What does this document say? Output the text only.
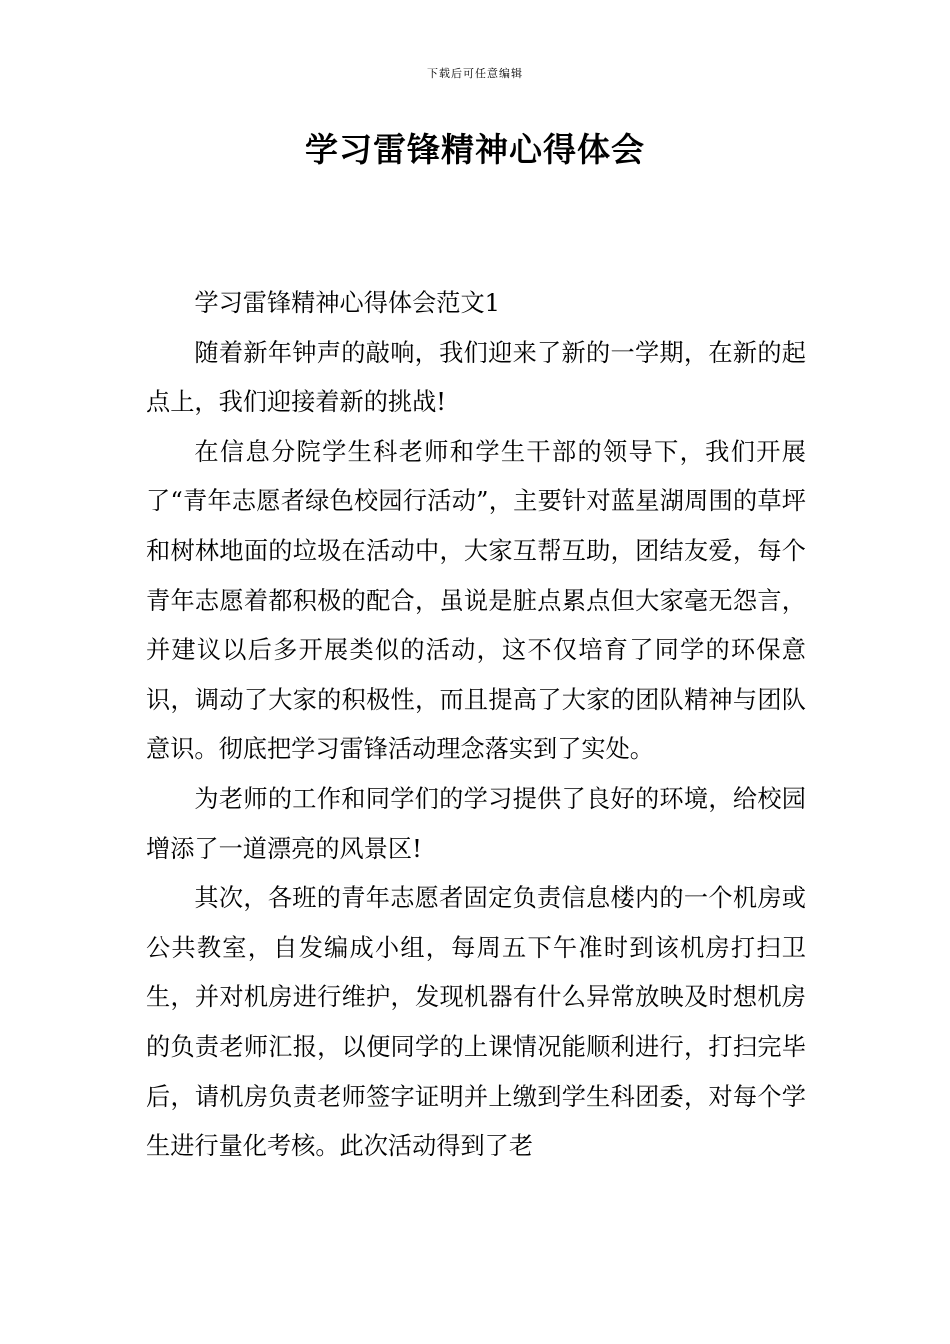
下载后可任意编辑
学习雷锋精神心得体会

学习雷锋精神心得体会范文1

随着新年钟声的敲响，我们迎来了新的一学期，在新的起点上，我们迎接着新的挑战!

在信息分院学生科老师和学生干部的领导下，我们开展了“青年志愿者绿色校园行活动”，主要针对蓝星湖周围的草坪和树林地面的垃圾在活动中，大家互帮互助，团结友爱，每个青年志愿着都积极的配合，虽说是脏点累点但大家毫无怨言，并建议以后多开展类似的活动，这不仅培育了同学的环保意识，调动了大家的积极性，而且提高了大家的团队精神与团队意识。彻底把学习雷锋活动理念落实到了实处。

为老师的工作和同学们的学习提供了良好的环境，给校园增添了一道漂亮的风景区!

其次，各班的青年志愿者固定负责信息楼内的一个机房或公共教室，自发编成小组，每周五下午准时到该机房打扫卫生，并对机房进行维护，发现机器有什么异常放映及时想机房的负责老师汇报，以便同学的上课情况能顺利进行，打扫完毕后，请机房负责老师签字证明并上缴到学生科团委，对每个学生进行量化考核。此次活动得到了老
